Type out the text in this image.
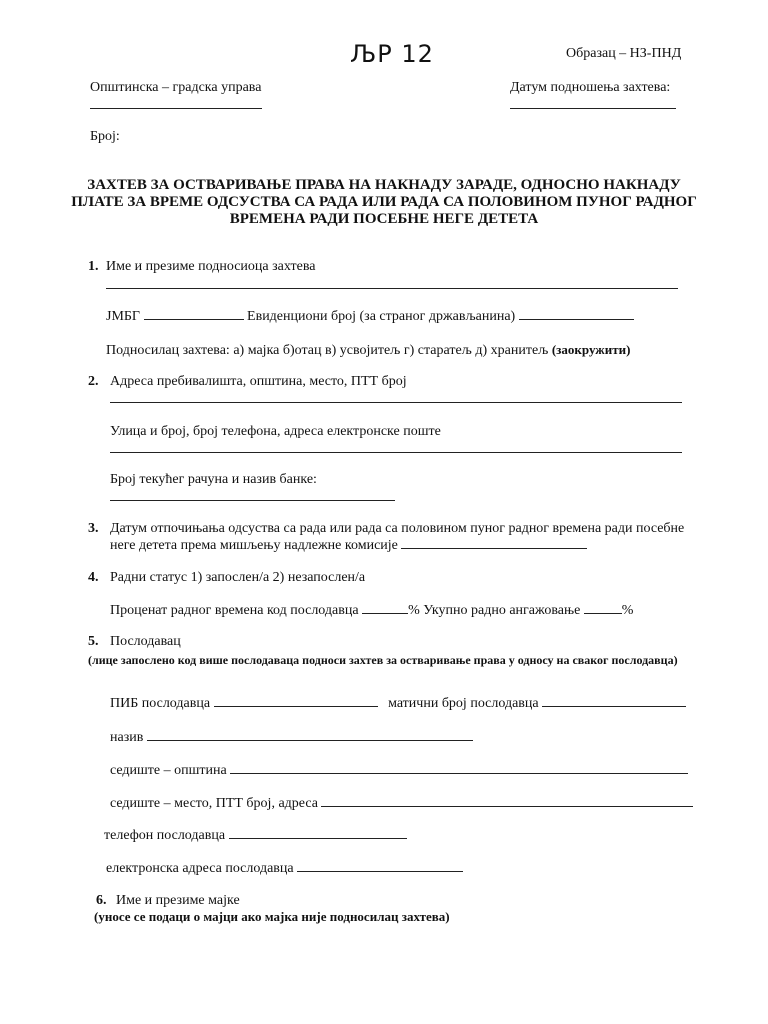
ЉР 12	Образац – НЗ-ПНД
Општинска – градска управа	Датум подношења захтева:
Број:
ЗАХТЕВ ЗА ОСТВАРИВАЊЕ ПРАВА НА НАКНАДУ ЗАРАДЕ, ОДНОСНО НАКНАДУ ПЛАТЕ ЗА ВРЕМЕ ОДСУСТВА СА РАДА ИЛИ РАДА СА ПОЛОВИНОМ ПУНОГ РАДНОГ ВРЕМЕНА РАДИ ПОСЕБНЕ НЕГЕ ДЕТЕТА
1. Име и презиме подносиоца захтева
ЈМБГ	Евиденциони број (за страног држављанина)
Подносилац захтева: а) мајка б)отац в) усвојитељ г) старатељ д) хранитељ (заокружити)
2. Адреса пребивалишта, општина, место, ПТТ број
Улица и број, број телефона, адреса електронске поште
Број текућег рачуна и назив банке:
3. Датум отпочињања одсуства са рада или рада са половином пуног радног времена ради посебне
неге детета према мишљењу надлежне комисије
4. Радни статус 1) запослен/а 2) незапослен/а
Проценат радног времена код послодавца	% Укупно радно ангажовање	%
5. Послодавац
(лице запослено код више послодаваца подноси захтев за остваривање права у односу на сваког послодавца)
ПИБ послодавца	матични број послодавца
назив
седиште – општина
седиште – место, ПТТ број, адреса
телефон послодавца
електронска адреса послодавца
6. Име и презиме мајке
(уносе се подаци о мајци ако мајка није подносилац захтева)
